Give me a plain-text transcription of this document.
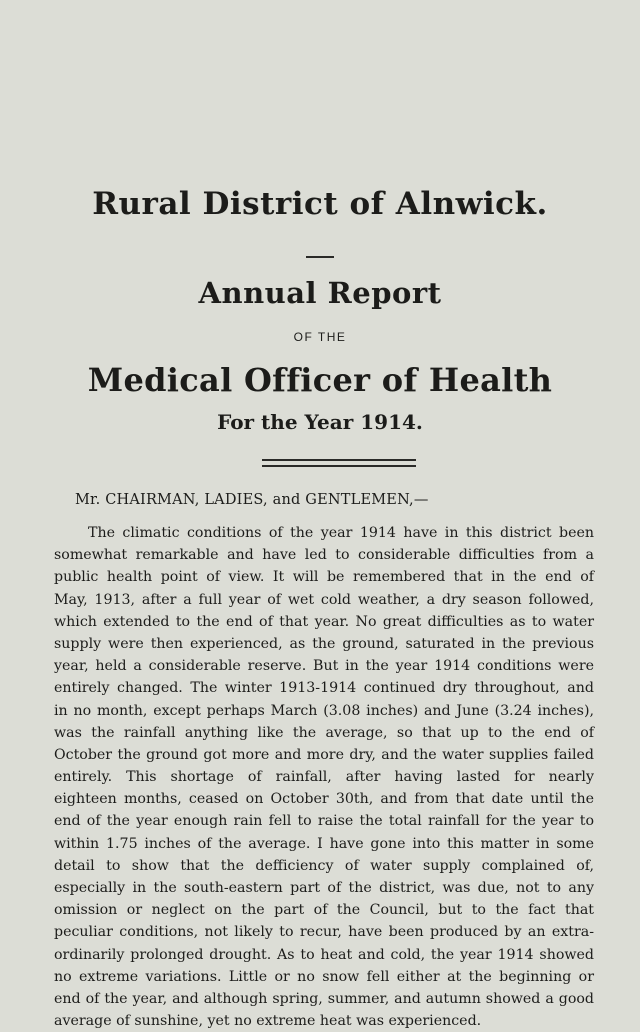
Rural District of Alnwick.
Annual Report
OF THE
Medical Officer of Health
For the Year 1914.
Mr. CHAIRMAN, LADIES, and GENTLEMEN,—
The climatic conditions of the year 1914 have in this district been
somewhat remarkable and have led to considerable difficulties from a
public health point of view. It will be remembered that in the end of
May, 1913, after a full year of wet cold weather, a dry season followed,
which extended to the end of that year. No great difficulties as to water
supply were then experienced, as the ground, saturated in the previous
year, held a considerable reserve. But in the year 1914 conditions were
entirely changed. The winter 1913-1914 continued dry throughout, and
in no month, except perhaps March (3.08 inches) and June (3.24 inches),
was the rainfall anything like the average, so that up to the end of
October the ground got more and more dry, and the water supplies failed
entirely. This shortage of rainfall, after having lasted for nearly
eighteen months, ceased on October 30th, and from that date until the
end of the year enough rain fell to raise the total rainfall for the year to
within 1.75 inches of the average. I have gone into this matter in some
detail to show that the defficiency of water supply complained of,
especially in the south-eastern part of the district, was due, not to any
omission or neglect on the part of the Council, but to the fact that
peculiar conditions, not likely to recur, have been produced by an extra-
ordinarily prolonged drought. As to heat and cold, the year 1914 showed
no extreme variations. Little or no snow fell either at the beginning or
end of the year, and although spring, summer, and autumn showed a good
average of sunshine, yet no extreme heat was experienced.
